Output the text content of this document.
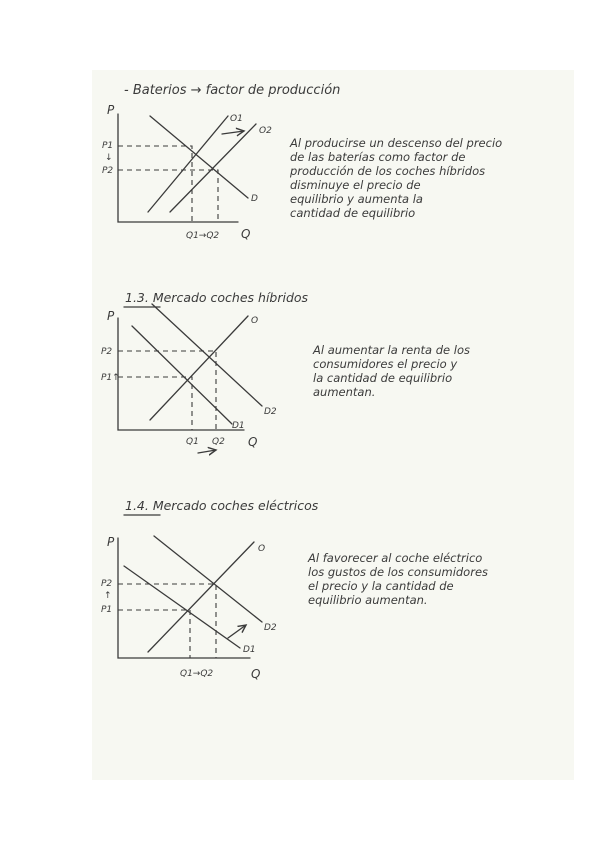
- Baterios → factor de producción
P
Q
O1
O2
D
P1
↓
P2
Q1→Q2
1.3. Mercado coches híbridos
P
Q
O
D1
D2
P2
P1↑
Q1 Q2
1.4. Mercado coches eléctricos
P
Q
O
D1
D2
P2
↑
P1
Q1→Q2

Al producirse un descenso del precio
de las baterías como factor de
producción de los coches híbridos
disminuye el precio de
equilibrio y aumenta la
cantidad de equilibrio

Al aumentar la renta de los
consumidores el precio y
la cantidad de equilibrio
aumentan.

Al favorecer al coche eléctrico
los gustos de los consumidores
el precio y la cantidad de
equilibrio aumentan.
